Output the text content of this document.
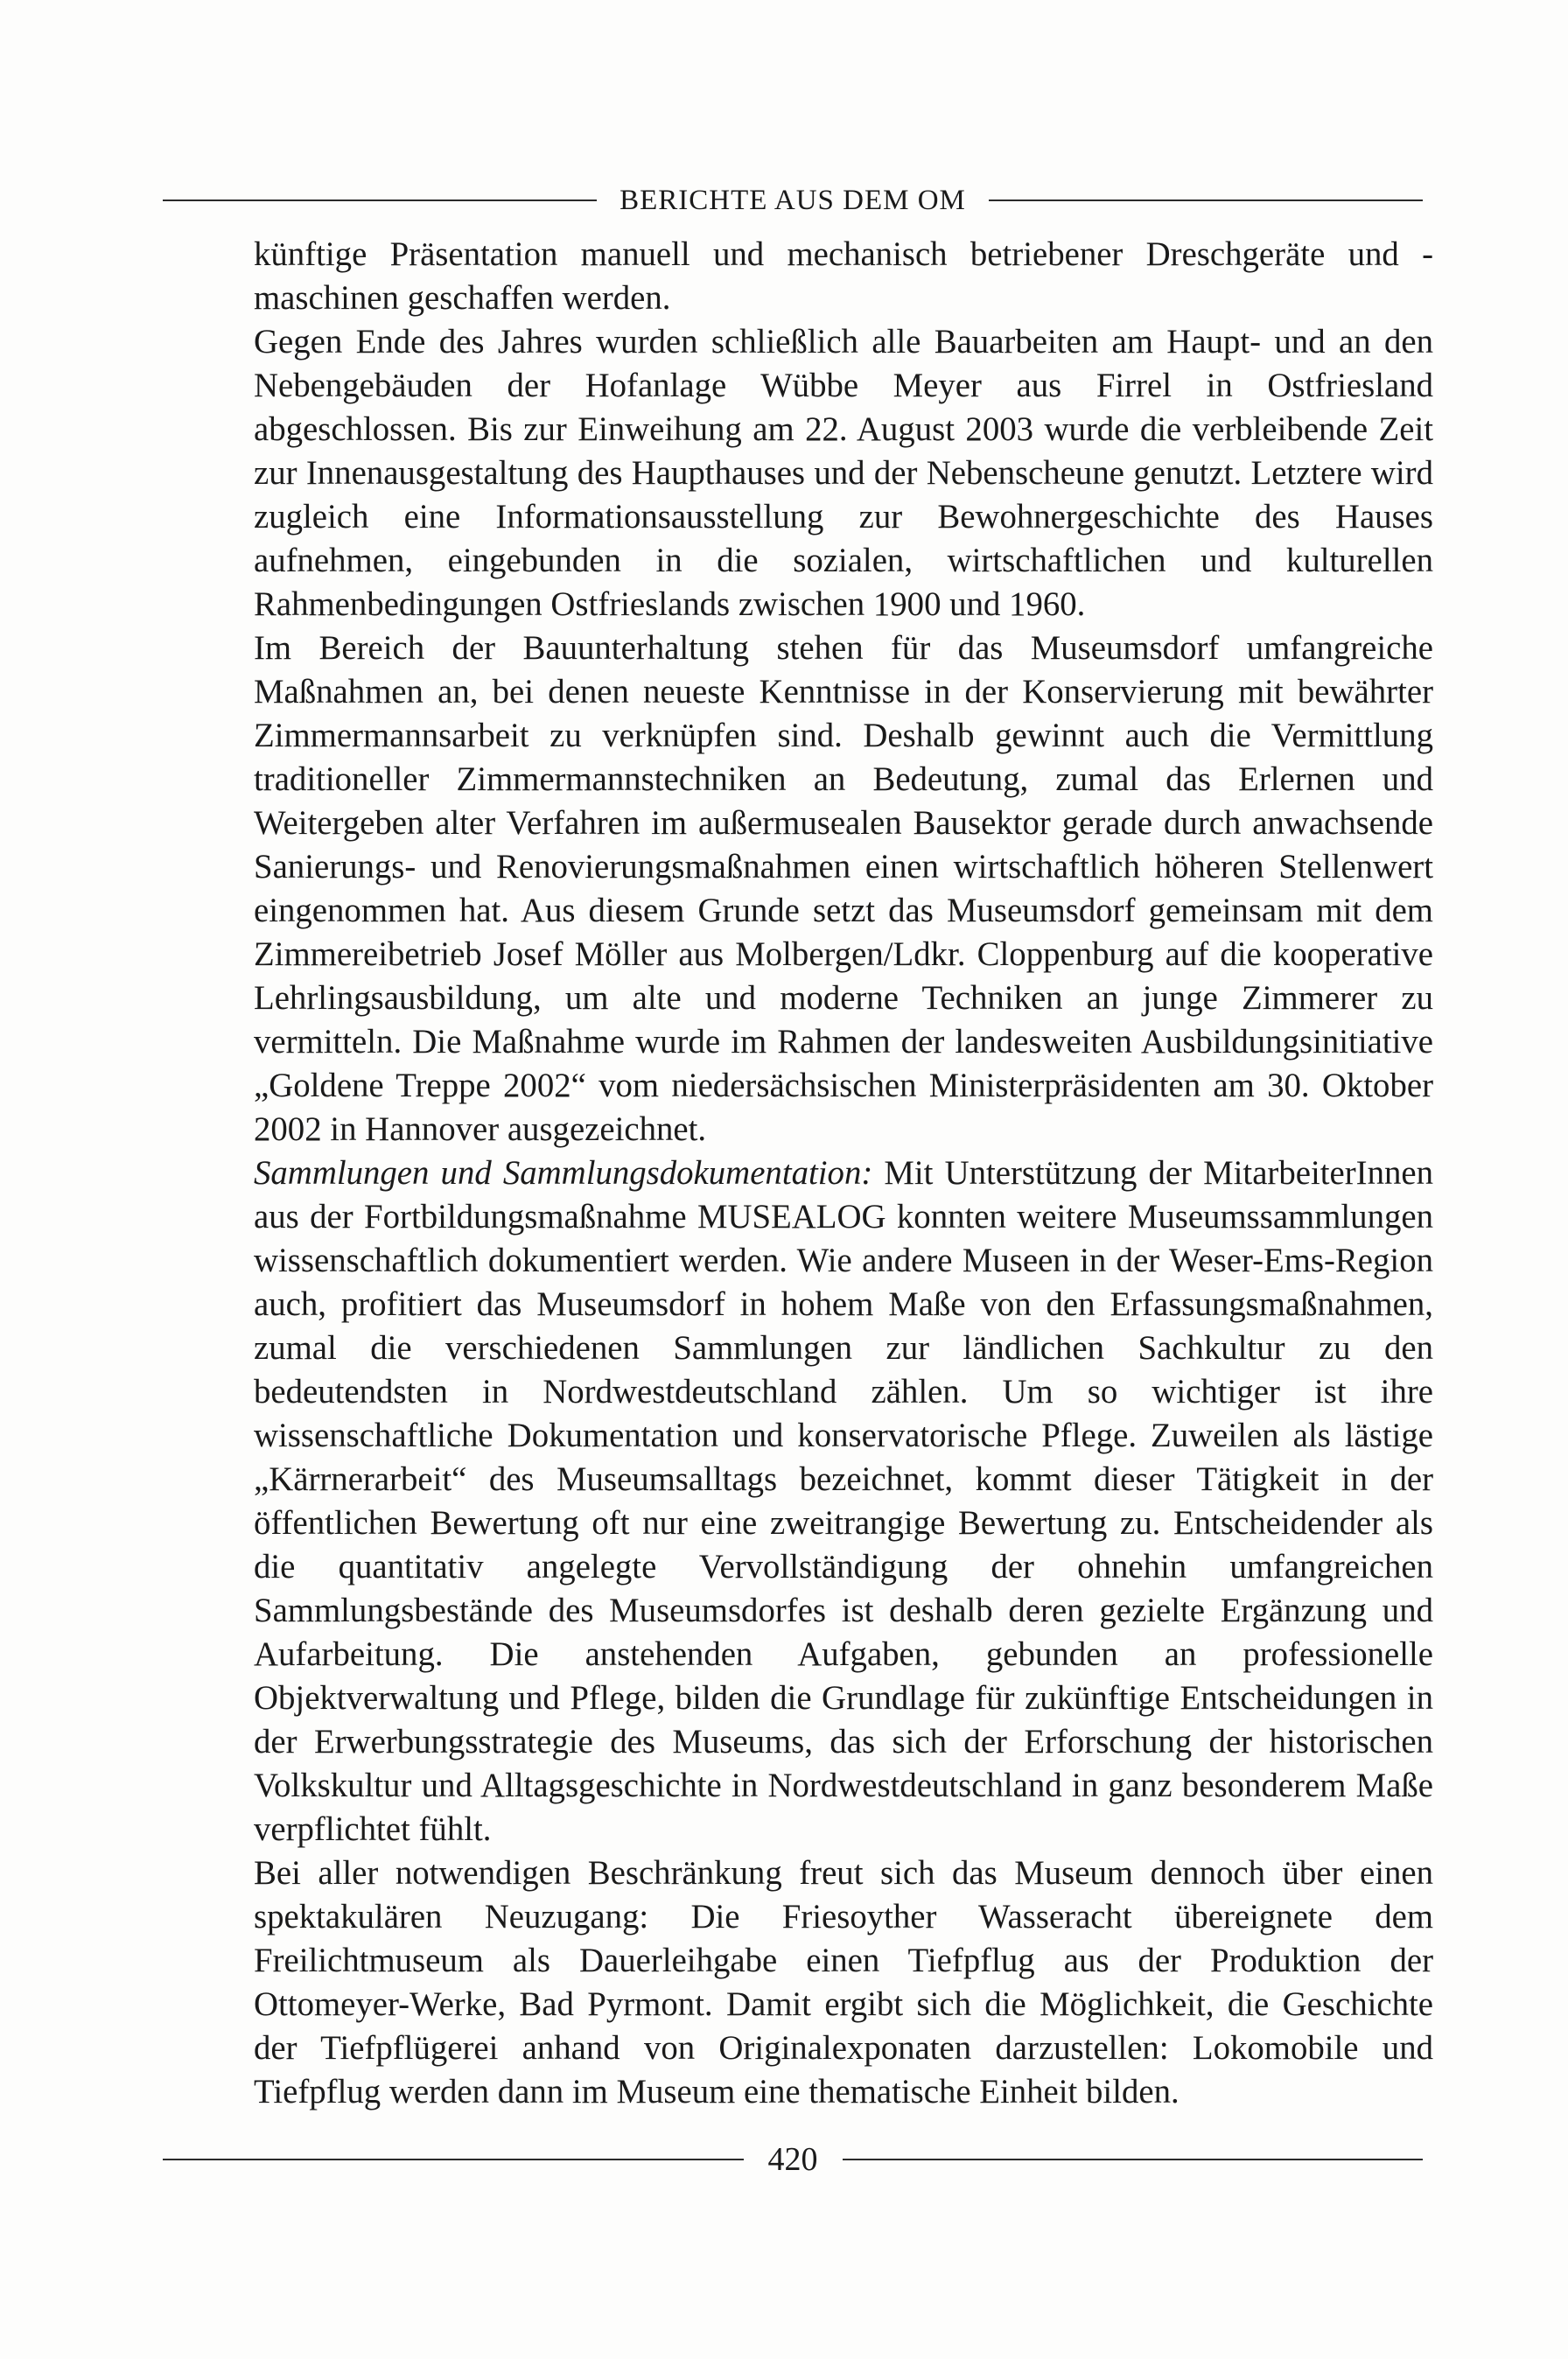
BERICHTE AUS DEM OM

künftige Präsentation manuell und mechanisch betriebener Dreschgeräte und -maschinen geschaffen werden.

Gegen Ende des Jahres wurden schließlich alle Bauarbeiten am Haupt- und an den Nebengebäuden der Hofanlage Wübbe Meyer aus Firrel in Ostfriesland abgeschlossen. Bis zur Einweihung am 22. August 2003 wurde die verbleibende Zeit zur Innenausgestaltung des Haupthauses und der Nebenscheune genutzt. Letztere wird zugleich eine Informationsausstellung zur Bewohnergeschichte des Hauses aufnehmen, eingebunden in die sozialen, wirtschaftlichen und kulturellen Rahmenbedingungen Ostfrieslands zwischen 1900 und 1960.

Im Bereich der Bauunterhaltung stehen für das Museumsdorf umfangreiche Maßnahmen an, bei denen neueste Kenntnisse in der Konservierung mit bewährter Zimmermannsarbeit zu verknüpfen sind. Deshalb gewinnt auch die Vermittlung traditioneller Zimmermannstechniken an Bedeutung, zumal das Erlernen und Weitergeben alter Verfahren im außermusealen Bausektor gerade durch anwachsende Sanierungs- und Renovierungsmaßnahmen einen wirtschaftlich höheren Stellenwert eingenommen hat. Aus diesem Grunde setzt das Museumsdorf gemeinsam mit dem Zimmereibetrieb Josef Möller aus Molbergen/Ldkr. Cloppenburg auf die kooperative Lehrlingsausbildung, um alte und moderne Techniken an junge Zimmerer zu vermitteln. Die Maßnahme wurde im Rahmen der landesweiten Ausbildungsinitiative „Goldene Treppe 2002“ vom niedersächsischen Ministerpräsidenten am 30. Oktober 2002 in Hannover ausgezeichnet.

Sammlungen und Sammlungsdokumentation: Mit Unterstützung der MitarbeiterInnen aus der Fortbildungsmaßnahme MUSEALOG konnten weitere Museumssammlungen wissenschaftlich dokumentiert werden. Wie andere Museen in der Weser-Ems-Region auch, profitiert das Museumsdorf in hohem Maße von den Erfassungsmaßnahmen, zumal die verschiedenen Sammlungen zur ländlichen Sachkultur zu den bedeutendsten in Nordwestdeutschland zählen. Um so wichtiger ist ihre wissenschaftliche Dokumentation und konservatorische Pflege. Zuweilen als lästige „Kärrnerarbeit“ des Museumsalltags bezeichnet, kommt dieser Tätigkeit in der öffentlichen Bewertung oft nur eine zweitrangige Bewertung zu. Entscheidender als die quantitativ angelegte Vervollständigung der ohnehin umfangreichen Sammlungsbestände des Museumsdorfes ist deshalb deren gezielte Ergänzung und Aufarbeitung. Die anstehenden Aufgaben, gebunden an professionelle Objektverwaltung und Pflege, bilden die Grundlage für zukünftige Entscheidungen in der Erwerbungsstrategie des Museums, das sich der Erforschung der historischen Volkskultur und Alltagsgeschichte in Nordwestdeutschland in ganz besonderem Maße verpflichtet fühlt.

Bei aller notwendigen Beschränkung freut sich das Museum dennoch über einen spektakulären Neuzugang: Die Friesoyther Wasseracht übereignete dem Freilichtmuseum als Dauerleihgabe einen Tiefpflug aus der Produktion der Ottomeyer-Werke, Bad Pyrmont. Damit ergibt sich die Möglichkeit, die Geschichte der Tiefpflügerei anhand von Originalexponaten darzustellen: Lokomobile und Tiefpflug werden dann im Museum eine thematische Einheit bilden.

420
